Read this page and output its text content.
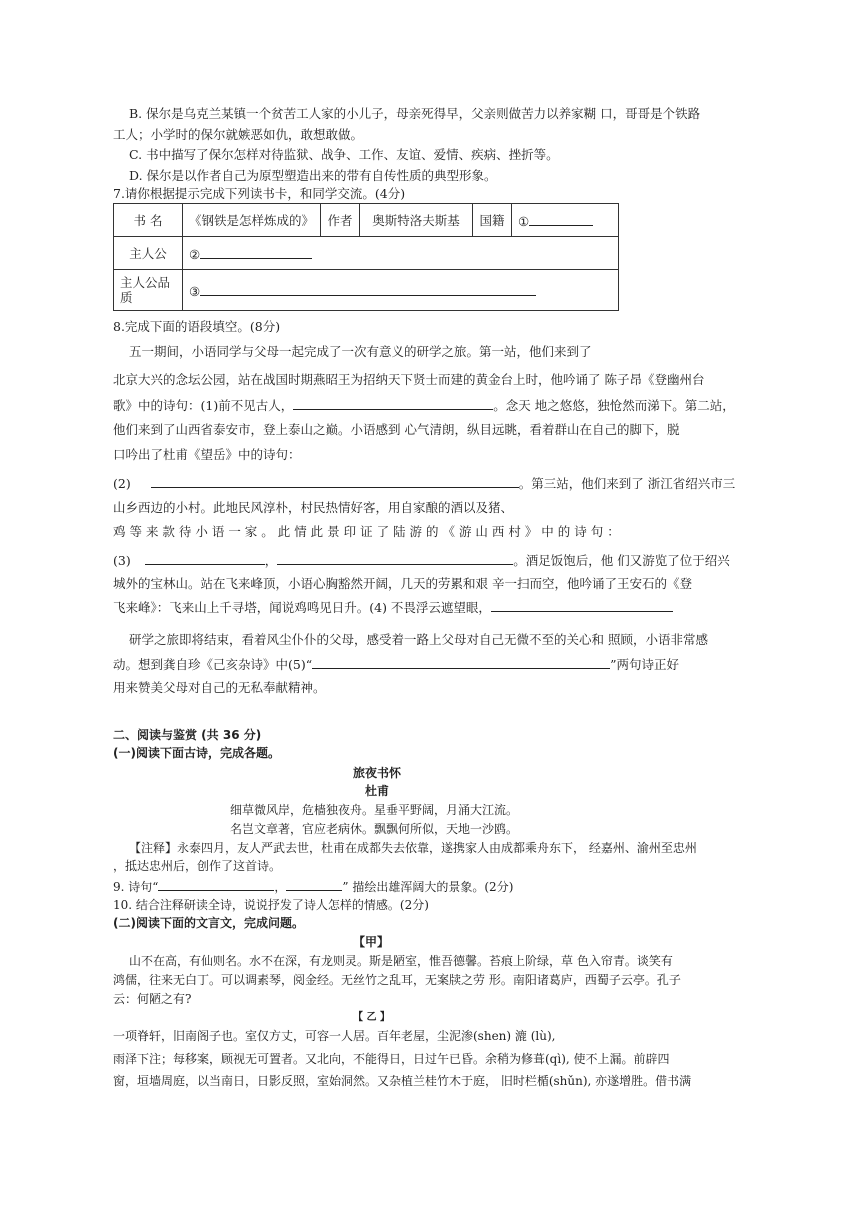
B. 保尔是乌克兰某镇一个贫苦工人家的小儿子，母亲死得早，父亲则做苦力以养家糊 口，哥哥是个铁路
工人；小学时的保尔就嫉恶如仇，敢想敢做。
C. 书中描写了保尔怎样对待监狱、战争、工作、友谊、爱情、疾病、挫折等。
D. 保尔是以作者自己为原型塑造出来的带有自传性质的典型形象。
7.请你根据提示完成下列读书卡，和同学交流。(4分)
书 名	《钢铁是怎样炼成的》	作者	奥斯特洛夫斯基	国籍	①
主人公	②				

主人公品
质	③				
8.完成下面的语段填空。(8分)
五一期间，小语同学与父母一起完成了一次有意义的研学之旅。第一站，他们来到了
北京大兴的念坛公园，站在战国时期燕昭王为招纳天下贤士而建的黄金台上时，他吟诵了 陈子昂《登幽州台
歌》中的诗句：(1)前不见古人，	。念天 地之悠悠，独怆然而涕下。第二站，
他们来到了山西省泰安市，登上泰山之巅。小语感到 心气清朗，纵目远眺，看着群山在自己的脚下，脱
口吟出了杜甫《望岳》中的诗句：
(2)	。第三站，他们来到了 浙江省绍兴市三
山乡西边的小村。此地民风淳朴，村民热情好客，用自家酿的酒以及猪、
鸡 等 来 款 待 小 语 一 家 。 此 情 此 景 印 证 了 陆 游 的 《 游 山 西 村 》 中 的 诗 句 ：
(3)	，	。酒足饭饱后，他 们又游览了位于绍兴
城外的宝林山。站在飞来峰顶，小语心胸豁然开阔，几天的劳累和艰 辛一扫而空，他吟诵了王安石的《登
飞来峰》：飞来山上千寻塔，闻说鸡鸣见日升。(4) 不畏浮云遮望眼，
研学之旅即将结束，看着风尘仆仆的父母，感受着一路上父母对自己无微不至的关心和 照顾，小语非常感
动。想到龚自珍《己亥杂诗》中(5)“	”两句诗正好
用来赞美父母对自己的无私奉献精神。
二、阅读与鉴赏 (共 36 分)
(一)阅读下面古诗，完成各题。
旅夜书怀
杜甫
细草微风岸，危樯独夜舟。星垂平野阔，月涌大江流。
名岂文章著，官应老病休。飘飘何所似，天地一沙鸥。
【注释】永泰四月，友人严武去世，杜甫在成都失去依靠，遂携家人由成都乘舟东下， 经嘉州、渝州至忠州
，抵达忠州后，创作了这首诗。
9. 诗句“	，	” 描绘出雄浑阔大的景象。(2分)
10. 结合注释研读全诗，说说抒发了诗人怎样的情感。(2分)
(二)阅读下面的文言文，完成问题。
【甲】
山不在高，有仙则名。水不在深，有龙则灵。斯是陋室，惟吾德馨。苔痕上阶绿，草 色入帘青。谈笑有
鸿儒，往来无白丁。可以调素琴，阅金经。无丝竹之乱耳，无案牍之劳 形。南阳诸葛庐，西蜀子云亭。孔子
云：何陋之有?
【 乙 】
一项脊轩，旧南阁子也。室仅方丈，可容一人居。百年老屋，尘泥渗(shen) 漉 (lù),
雨泽下注；每移案，顾视无可置者。又北向，不能得日，日过午已昏。余稍为修葺(qì), 使不上漏。前辟四
窗，垣墙周庭，以当南日，日影反照，室始洞然。又杂植兰桂竹木于庭， 旧时栏楯(shǔn), 亦遂增胜。借书满
